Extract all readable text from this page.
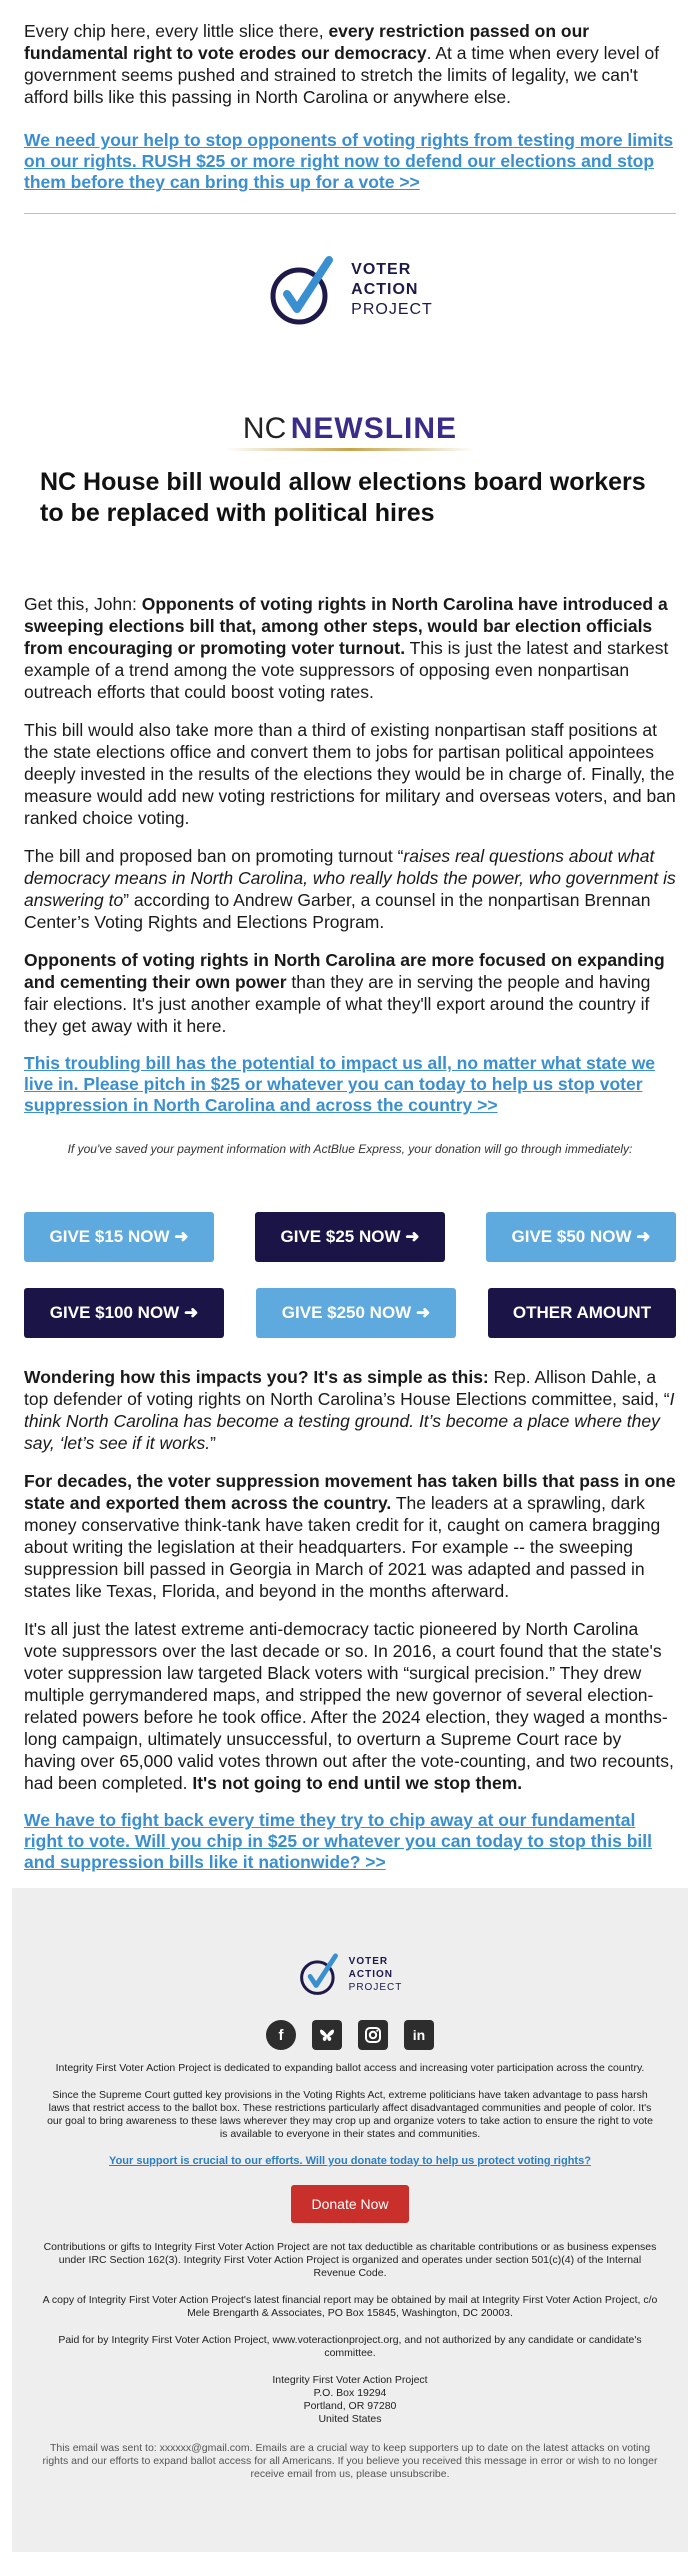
Every chip here, every little slice there, every restriction passed on our fundamental right to vote erodes our democracy. At a time when every level of government seems pushed and strained to stretch the limits of legality, we can't afford bills like this passing in North Carolina or anywhere else.

We need your help to stop opponents of voting rights from testing more limits on our rights. RUSH $25 or more right now to defend our elections and stop them before they can bring this up for a vote >>
VOTER
ACTION
PROJECT
NC NEWSLINE
NC House bill would allow elections board workers to be replaced with political hires

Get this, John: Opponents of voting rights in North Carolina have introduced a sweeping elections bill that, among other steps, would bar election officials from encouraging or promoting voter turnout. This is just the latest and starkest example of a trend among the vote suppressors of opposing even nonpartisan outreach efforts that could boost voting rates.

This bill would also take more than a third of existing nonpartisan staff positions at the state elections office and convert them to jobs for partisan political appointees deeply invested in the results of the elections they would be in charge of. Finally, the measure would add new voting restrictions for military and overseas voters, and ban ranked choice voting.

The bill and proposed ban on promoting turnout “raises real questions about what democracy means in North Carolina, who really holds the power, who government is answering to” according to Andrew Garber, a counsel in the nonpartisan Brennan Center’s Voting Rights and Elections Program.

Opponents of voting rights in North Carolina are more focused on expanding and cementing their own power than they are in serving the people and having fair elections. It's just another example of what they'll export around the country if they get away with it here.

This troubling bill has the potential to impact us all, no matter what state we live in. Please pitch in $25 or whatever you can today to help us stop voter suppression in North Carolina and across the country >>

If you've saved your payment information with ActBlue Express, your donation will go through immediately:

GIVE $15 NOW ➜	GIVE $25 NOW ➜	GIVE $50 NOW ➜
GIVE $100 NOW ➜	GIVE $250 NOW ➜	OTHER AMOUNT

Wondering how this impacts you? It's as simple as this: Rep. Allison Dahle, a top defender of voting rights on North Carolina’s House Elections committee, said, “I think North Carolina has become a testing ground. It’s become a place where they say, ‘let’s see if it works.”

For decades, the voter suppression movement has taken bills that pass in one state and exported them across the country. The leaders at a sprawling, dark money conservative think-tank have taken credit for it, caught on camera bragging about writing the legislation at their headquarters. For example -- the sweeping suppression bill passed in Georgia in March of 2021 was adapted and passed in states like Texas, Florida, and beyond in the months afterward.

It's all just the latest extreme anti-democracy tactic pioneered by North Carolina vote suppressors over the last decade or so. In 2016, a court found that the state's voter suppression law targeted Black voters with “surgical precision.” They drew multiple gerrymandered maps, and stripped the new governor of several election-related powers before he took office. After the 2024 election, they waged a months-long campaign, ultimately unsuccessful, to overturn a Supreme Court race by having over 65,000 valid votes thrown out after the vote-counting, and two recounts, had been completed. It's not going to end until we stop them.

We have to fight back every time they try to chip away at our fundamental right to vote. Will you chip in $25 or whatever you can today to stop this bill and suppression bills like it nationwide? >>
VOTER
ACTION
PROJECT
f	in

Integrity First Voter Action Project is dedicated to expanding ballot access and increasing voter participation across the country.

Since the Supreme Court gutted key provisions in the Voting Rights Act, extreme politicians have taken advantage to pass harsh laws that restrict access to the ballot box. These restrictions particularly affect disadvantaged communities and people of color. It's our goal to bring awareness to these laws wherever they may crop up and organize voters to take action to ensure the right to vote is available to everyone in their states and communities.

Your support is crucial to our efforts. Will you donate today to help us protect voting rights?
Donate Now

Contributions or gifts to Integrity First Voter Action Project are not tax deductible as charitable contributions or as business expenses under IRC Section 162(3). Integrity First Voter Action Project is organized and operates under section 501(c)(4) of the Internal Revenue Code.

A copy of Integrity First Voter Action Project's latest financial report may be obtained by mail at Integrity First Voter Action Project, c/o Mele Brengarth & Associates, PO Box 15845, Washington, DC 20003.

Paid for by Integrity First Voter Action Project, www.voteractionproject.org, and not authorized by any candidate or candidate's committee.

Integrity First Voter Action Project

P.O. Box 19294

Portland, OR 97280

United States

This email was sent to: xxxxxx@gmail.com. Emails are a crucial way to keep supporters up to date on the latest attacks on voting rights and our efforts to expand ballot access for all Americans. If you believe you received this message in error or wish to no longer receive email from us, please unsubscribe.
